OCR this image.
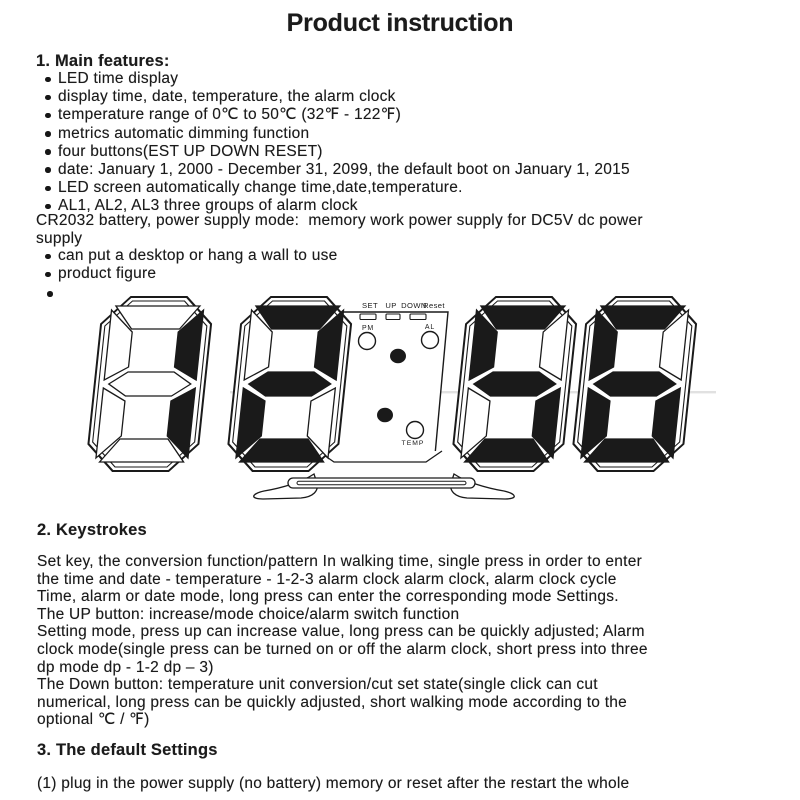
Product instruction
1. Main features:
LED time display
display time, date, temperature, the alarm clock
temperature range of 0℃ to 50℃ (32℉ - 122℉)
metrics automatic dimming function
four buttons(EST UP DOWN RESET)
date: January 1, 2000 - December 31, 2099, the default boot on January 1, 2015
LED screen automatically change time,date,temperature.
AL1, AL2, AL3 three groups of alarm clock
CR2032 battery, power supply mode:  memory work power supply for DC5V dc power
supply
can put a desktop or hang a wall to use
product figure
SET UP DOWN
Reset
PM	AL
TEMP
2. Keystrokes
Set key, the conversion function/pattern In walking time, single press in order to enter
the time and date - temperature - 1-2-3 alarm clock alarm clock, alarm clock cycle
Time, alarm or date mode, long press can enter the corresponding mode Settings.
The UP button: increase/mode choice/alarm switch function
Setting mode, press up can increase value, long press can be quickly adjusted; Alarm
clock mode(single press can be turned on or off the alarm clock, short press into three
dp mode dp - 1-2 dp – 3)
The Down button: temperature unit conversion/cut set state(single click can cut
numerical, long press can be quickly adjusted, short walking mode according to the
optional ℃ / ℉)
3. The default Settings
(1) plug in the power supply (no battery) memory or reset after the restart the whole
